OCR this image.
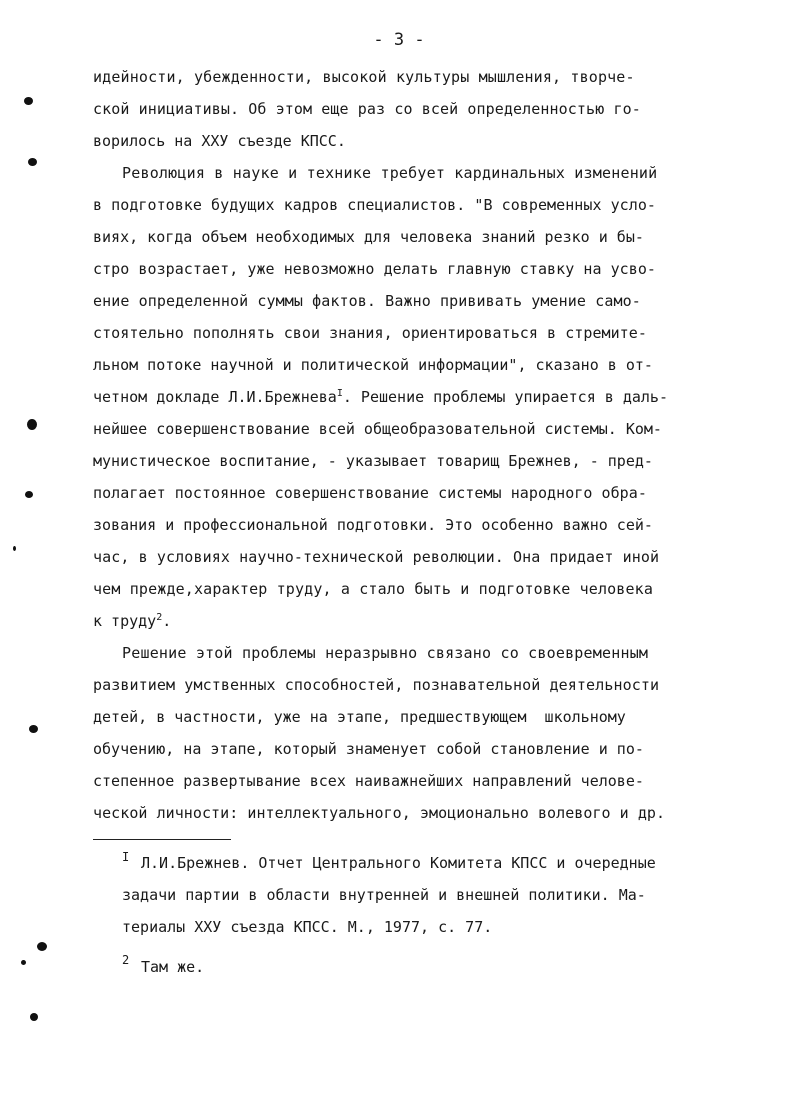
- 3 -
идейности, убежденности, высокой культуры мышления, творче-
ской инициативы. Об этом еще раз со всей определенностью го-
ворилось на ХХУ съезде КПСС.
Революция в науке и технике требует кардинальных изменений
в подготовке будущих кадров специалистов. "В современных усло-
виях, когда объем необходимых для человека знаний резко и бы-
стро возрастает, уже невозможно делать главную ставку на усво-
ение определенной суммы фактов. Важно прививать умение само-
стоятельно пополнять свои знания, ориентироваться в стремите-
льном потоке научной и политической информации", сказано в от-
четном докладе Л.И.Брежнева$^I$. Решение проблемы упирается в даль-
нейшее совершенствование всей общеобразовательной системы. Ком-
мунистическое воспитание, - указывает товарищ Брежнев, - пред-
полагает постоянное совершенствование системы народного обра-
зования и профессиональной подготовки. Это особенно важно сей-
час, в условиях научно-технической революции. Она придает иной
чем прежде,характер труду, а стало быть и подготовке человека
к труду$^2$.
Решение этой проблемы неразрывно связано со своевременным
развитием умственных способностей, познавательной деятельности
детей, в частности, уже на этапе, предшествующем  школьному
обучению, на этапе, который знаменует собой становление и по-
степенное развертывание всех наиважнейших направлений челове-
ческой личности: интеллектуального, эмоционально волевого и др.
I Л.И.Брежнев. Отчет Центрального Комитета КПСС и очередные
задачи партии в области внутренней и внешней политики. Ма-
териалы ХХУ съезда КПСС. М., 1977, с. 77.
2 Там же.
